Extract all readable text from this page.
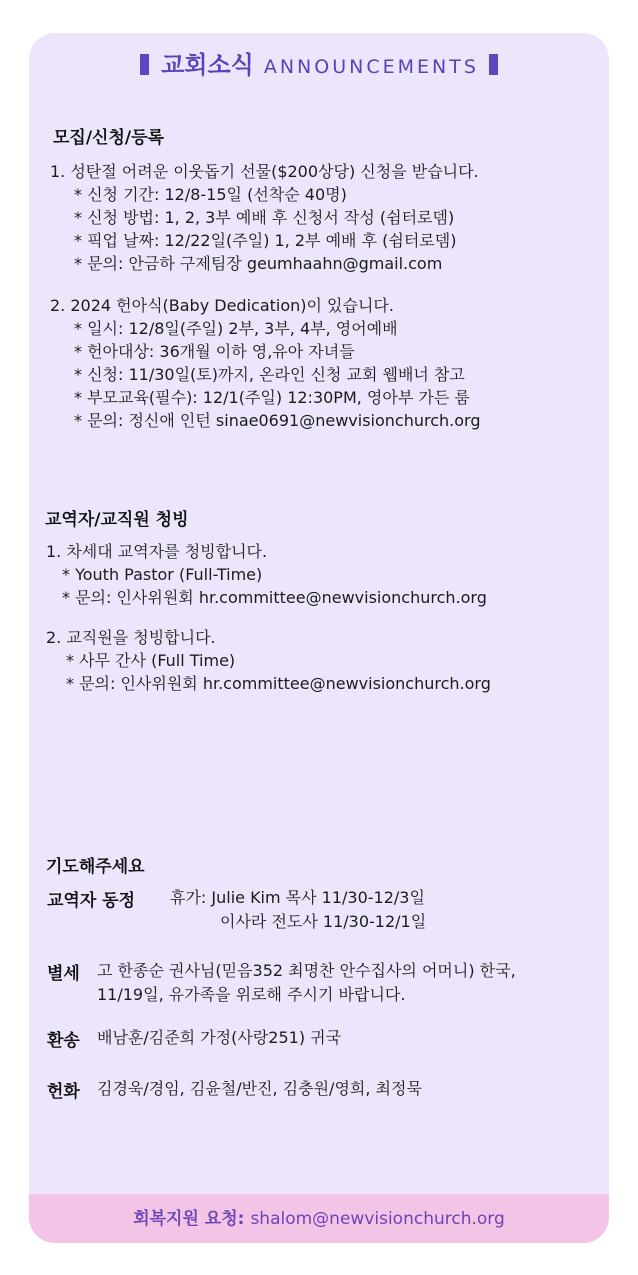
교회소식 ANNOUNCEMENTS
모집/신청/등록
1. 성탄절 어려운 이웃돕기 선물($200상당) 신청을 받습니다.
* 신청 기간: 12/8-15일 (선착순 40명)
* 신청 방법: 1, 2, 3부 예배 후 신청서 작성 (쉼터로뎀)
* 픽업 날짜: 12/22일(주일) 1, 2부 예배 후 (쉼터로뎀)
* 문의: 안금하 구제팀장 geumhaahn@gmail.com
2. 2024 헌아식(Baby Dedication)이 있습니다.
* 일시: 12/8일(주일) 2부, 3부, 4부, 영어예배
* 헌아대상: 36개월 이하 영,유아 자녀들
* 신청: 11/30일(토)까지, 온라인 신청 교회 웹배너 참고
* 부모교육(필수): 12/1(주일) 12:30PM, 영아부 가든 룸
* 문의: 정신애 인턴 sinae0691@newvisionchurch.org
교역자/교직원 청빙
1. 차세대 교역자를 청빙합니다.
* Youth Pastor (Full-Time)
* 문의: 인사위원회 hr.committee@newvisionchurch.org
2. 교직원을 청빙합니다.
* 사무 간사 (Full Time)
* 문의: 인사위원회 hr.committee@newvisionchurch.org
기도해주세요
교역자 동정 휴가: Julie Kim 목사 11/30-12/3일
이사라 전도사 11/30-12/1일
별세 고 한종순 권사님(믿음352 최명찬 안수집사의 어머니) 한국,
11/19일, 유가족을 위로해 주시기 바랍니다.
환송 배남훈/김준희 가정(사랑251) 귀국
헌화 김경욱/경임, 김윤철/반진, 김충원/영희, 최정묵
회복지원 요청: shalom@newvisionchurch.org
